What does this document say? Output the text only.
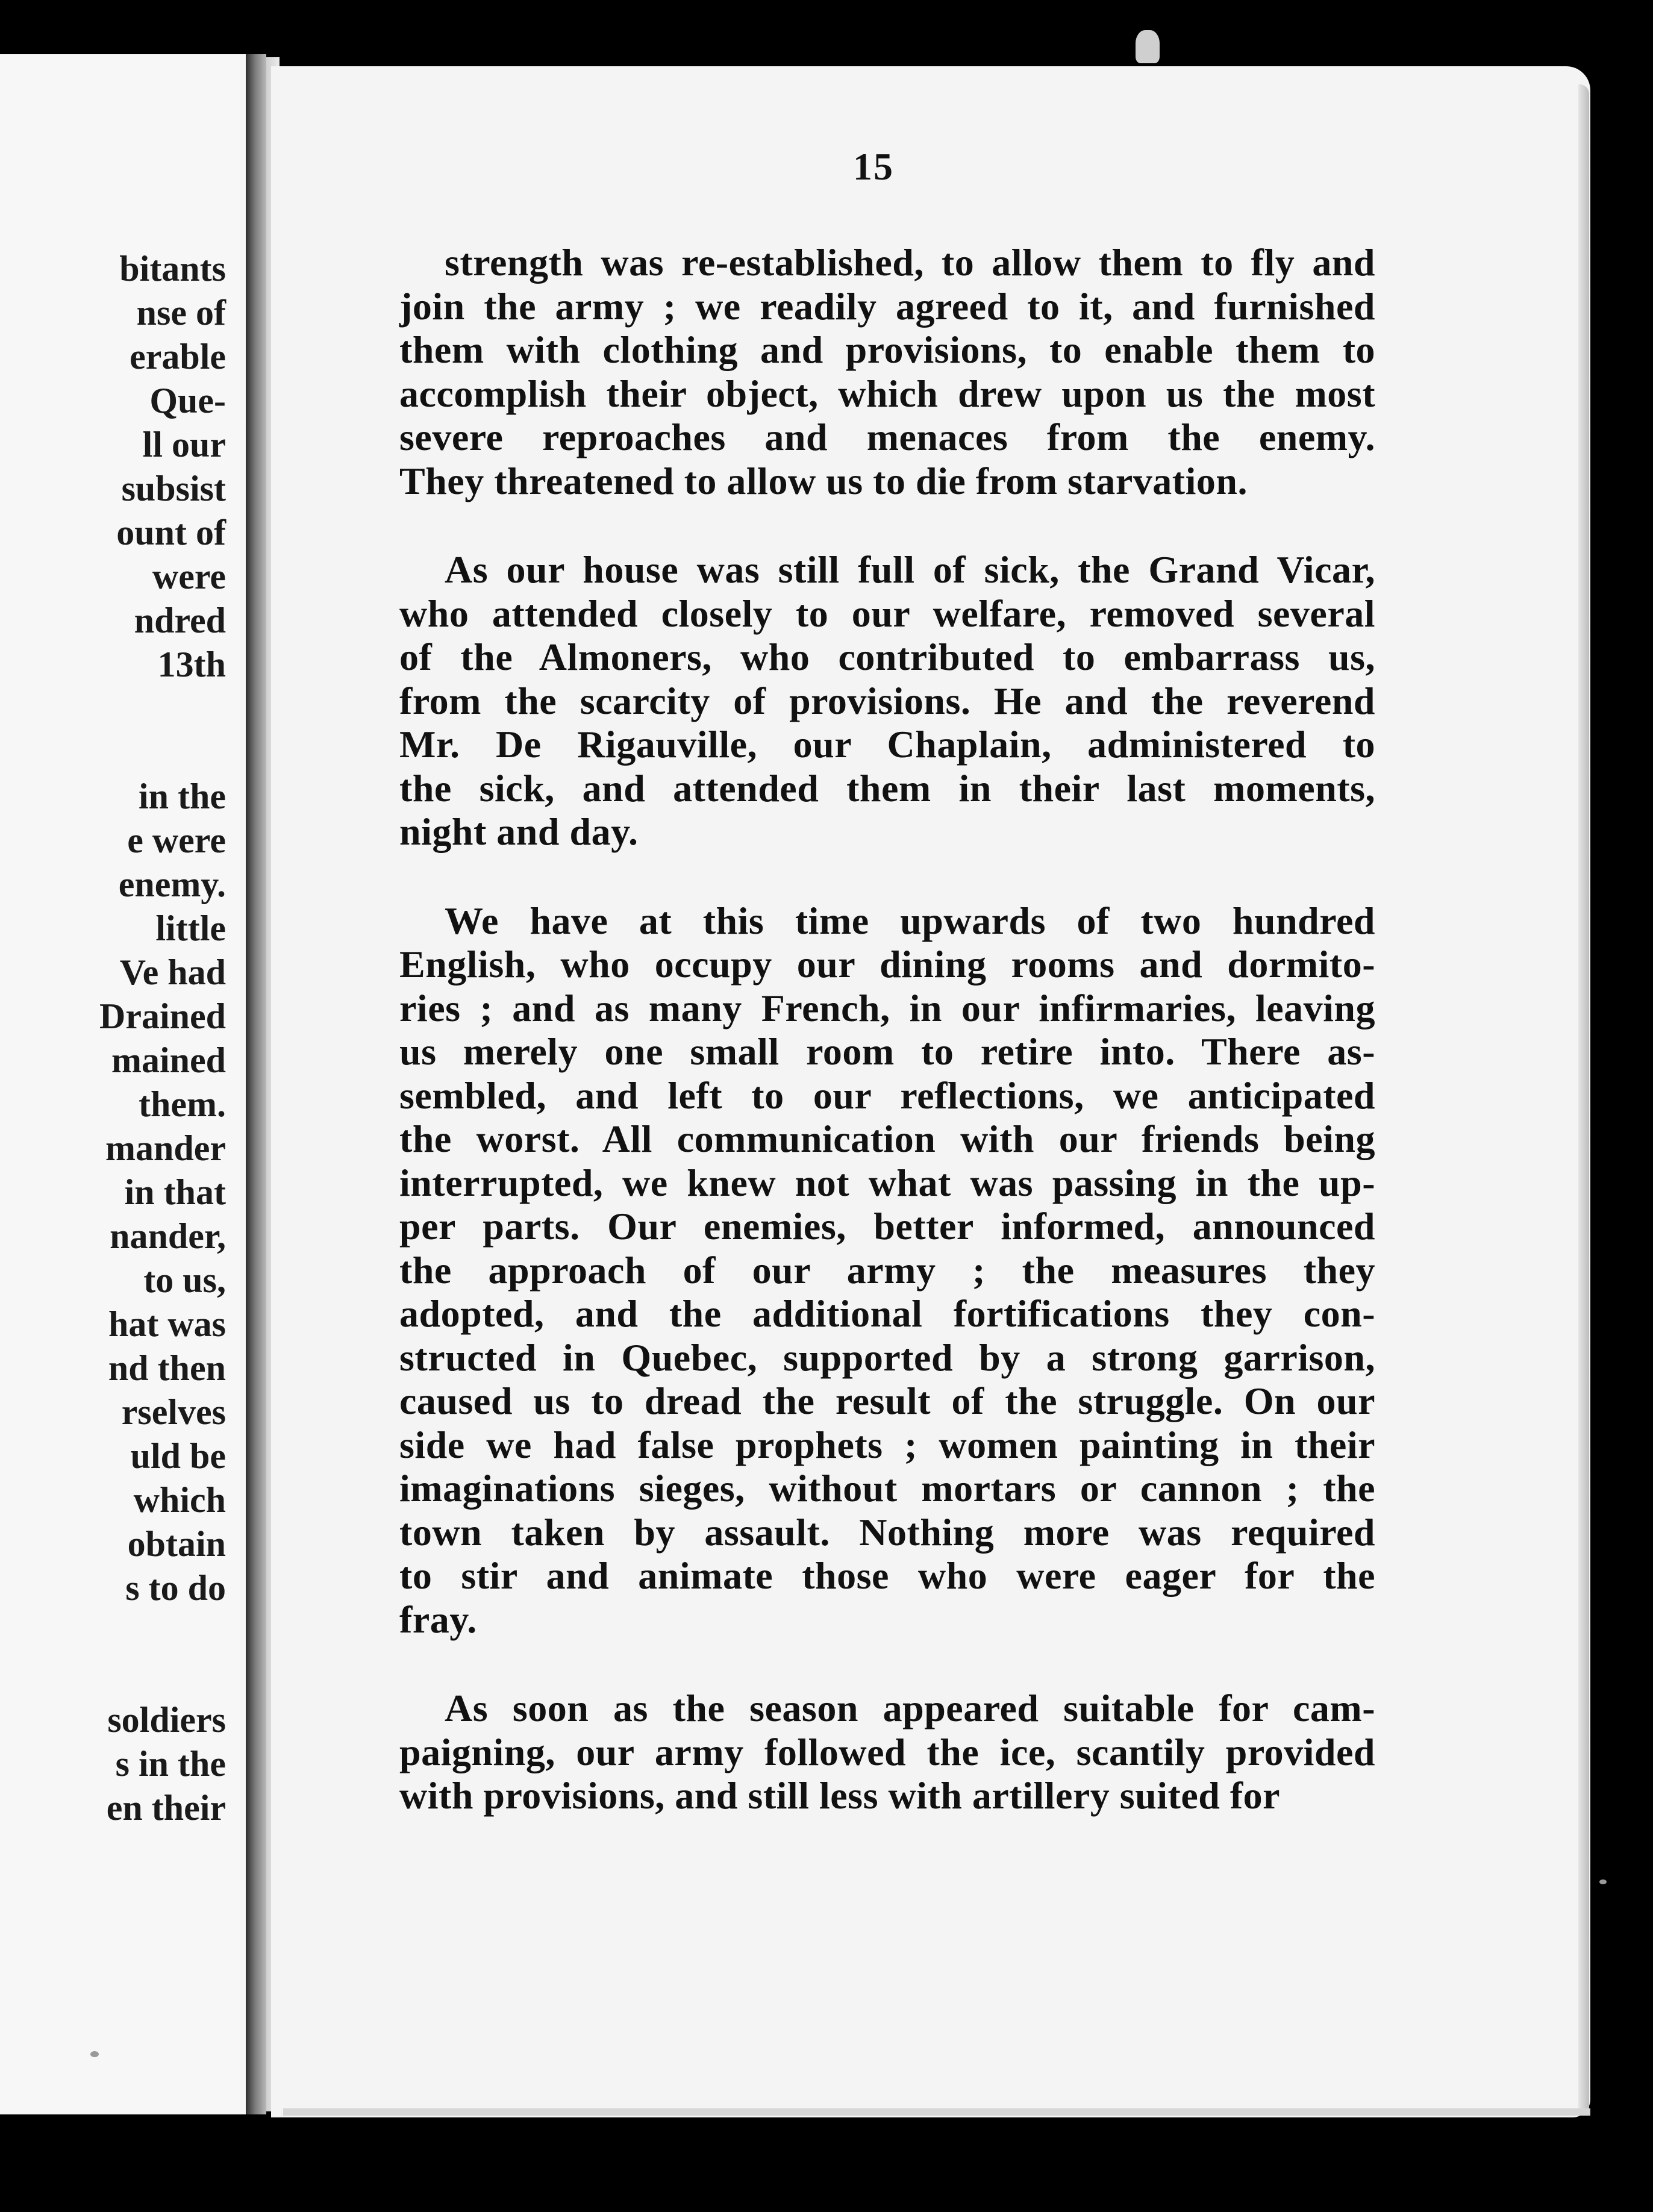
bitants
nse of
erable
Que-
ll our
subsist
ount of
were
ndred
13th

in the
e were
enemy.
little
Ve had
Drained
mained
them.
mander
in that
nander,
to us,
hat was
nd then
rselves
uld be
which
obtain
s to do

soldiers
s in the
en their
15
strength was re-established, to allow them to fly and
join the army ; we readily agreed to it, and furnished
them with clothing and provisions, to enable them to
accomplish their object, which drew upon us the most
severe reproaches and menaces from the enemy.
They threatened to allow us to die from starvation.
As our house was still full of sick, the Grand Vicar,
who attended closely to our welfare, removed several
of the Almoners, who contributed to embarrass us,
from the scarcity of provisions. He and the reverend
Mr. De Rigauville, our Chaplain, administered to
the sick, and attended them in their last moments,
night and day.
We have at this time upwards of two hundred
English, who occupy our dining rooms and dormito-
ries ; and as many French, in our infirmaries, leaving
us merely one small room to retire into. There as-
sembled, and left to our reflections, we anticipated
the worst. All communication with our friends being
interrupted, we knew not what was passing in the up-
per parts. Our enemies, better informed, announced
the approach of our army ; the measures they
adopted, and the additional fortifications they con-
structed in Quebec, supported by a strong garrison,
caused us to dread the result of the struggle. On our
side we had false prophets ; women painting in their
imaginations sieges, without mortars or cannon ; the
town taken by assault. Nothing more was required
to stir and animate those who were eager for the
fray.
As soon as the season appeared suitable for cam-
paigning, our army followed the ice, scantily provided
with provisions, and still less with artillery suited for
